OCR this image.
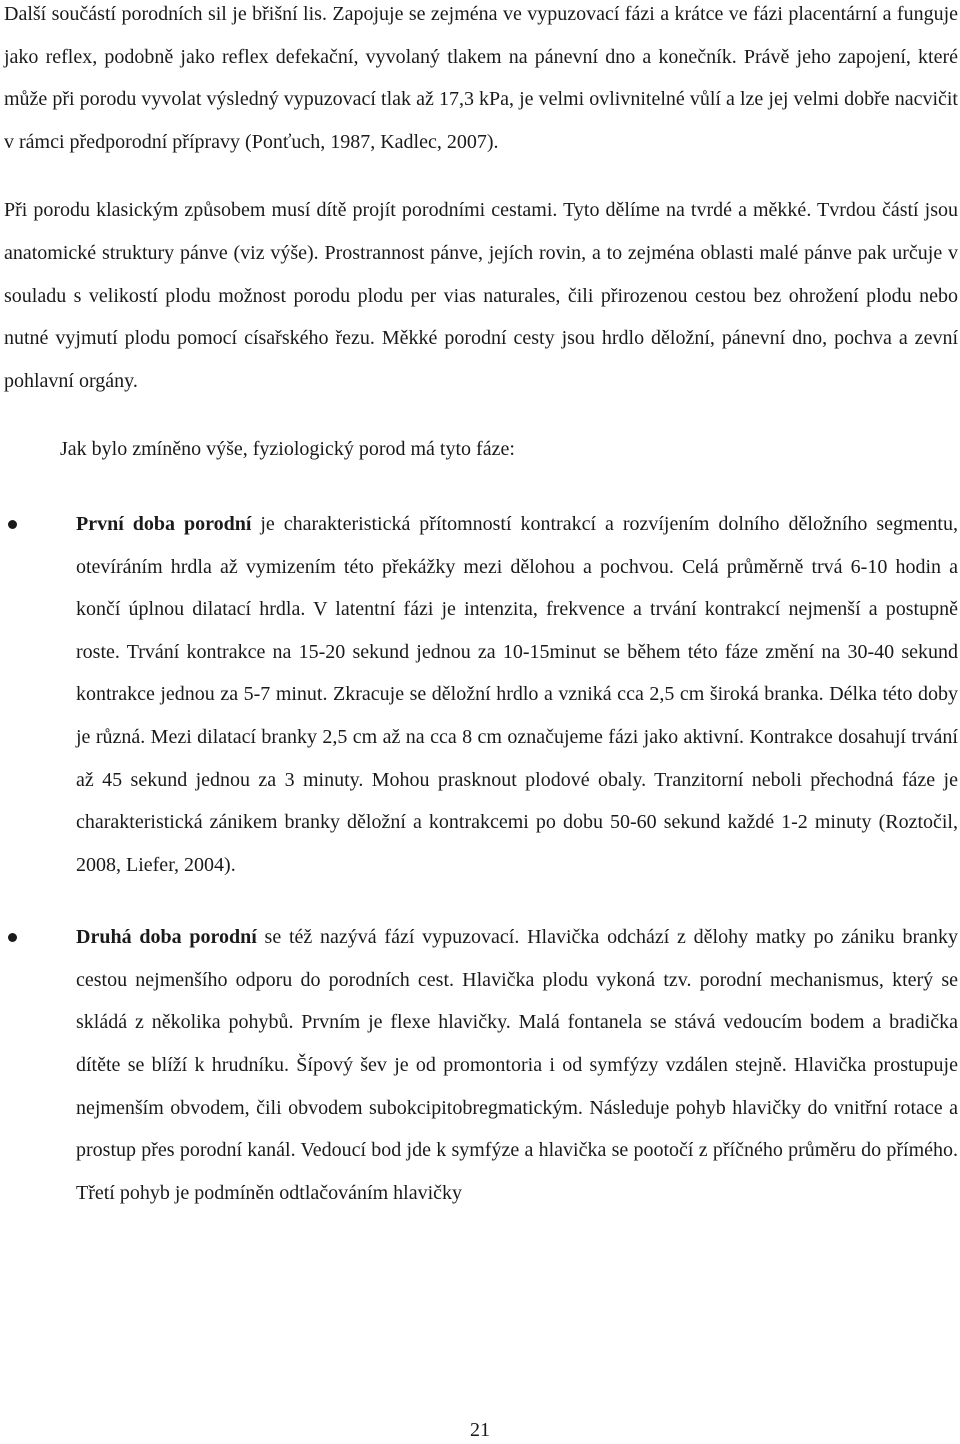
Další součástí porodních sil je břišní lis. Zapojuje se zejména ve vypuzovací fázi a krátce ve fázi placentární a funguje jako reflex, podobně jako reflex defekační, vyvolaný tlakem na pánevní dno a konečník. Právě jeho zapojení, které může při porodu vyvolat výsledný vypuzovací tlak až 17,3 kPa, je velmi ovlivnitelné vůlí a lze jej velmi dobře nacvičit v rámci předporodní přípravy (Ponťuch, 1987, Kadlec, 2007).

Při porodu klasickým způsobem musí dítě projít porodními cestami. Tyto dělíme na tvrdé a měkké. Tvrdou částí jsou anatomické struktury pánve (viz výše). Prostrannost pánve, jejích rovin, a to zejména oblasti malé pánve pak určuje v souladu s velikostí plodu možnost porodu plodu per vias naturales, čili přirozenou cestou bez ohrožení plodu nebo nutné vyjmutí plodu pomocí císařského řezu. Měkké porodní cesty jsou hrdlo děložní, pánevní dno, pochva a zevní pohlavní orgány.

Jak bylo zmíněno výše, fyziologický porod má tyto fáze:

První doba porodní je charakteristická přítomností kontrakcí a rozvíjením dolního děložního segmentu, otevíráním hrdla až vymizením této překážky mezi dělohou a pochvou. Celá průměrně trvá 6-10 hodin a končí úplnou dilatací hrdla. V latentní fázi je intenzita, frekvence a trvání kontrakcí nejmenší a postupně roste. Trvání kontrakce na 15-20 sekund jednou za 10-15minut se během této fáze změní na 30-40 sekund kontrakce jednou za 5-7 minut. Zkracuje se děložní hrdlo a vzniká cca 2,5 cm široká branka. Délka této doby je různá. Mezi dilatací branky 2,5 cm až na cca 8 cm označujeme fázi jako aktivní. Kontrakce dosahují trvání až 45 sekund jednou za 3 minuty. Mohou prasknout plodové obaly. Tranzitorní neboli přechodná fáze je charakteristická zánikem branky děložní a kontrakcemi po dobu 50-60 sekund každé 1-2 minuty (Roztočil, 2008, Liefer, 2004).
Druhá doba porodní se též nazývá fází vypuzovací. Hlavička odchází z dělohy matky po zániku branky cestou nejmenšího odporu do porodních cest. Hlavička plodu vykoná tzv. porodní mechanismus, který se skládá z několika pohybů. Prvním je flexe hlavičky. Malá fontanela se stává vedoucím bodem a bradička dítěte se blíží k hrudníku. Šípový šev je od promontoria i od symfýzy vzdálen stejně. Hlavička prostupuje nejmenším obvodem, čili obvodem subokcipitobregmatickým. Následuje pohyb hlavičky do vnitřní rotace a prostup přes porodní kanál. Vedoucí bod jde k symfýze a hlavička se pootočí z příčného průměru do přímého. Třetí pohyb je podmíněn odtlačováním hlavičky
21
